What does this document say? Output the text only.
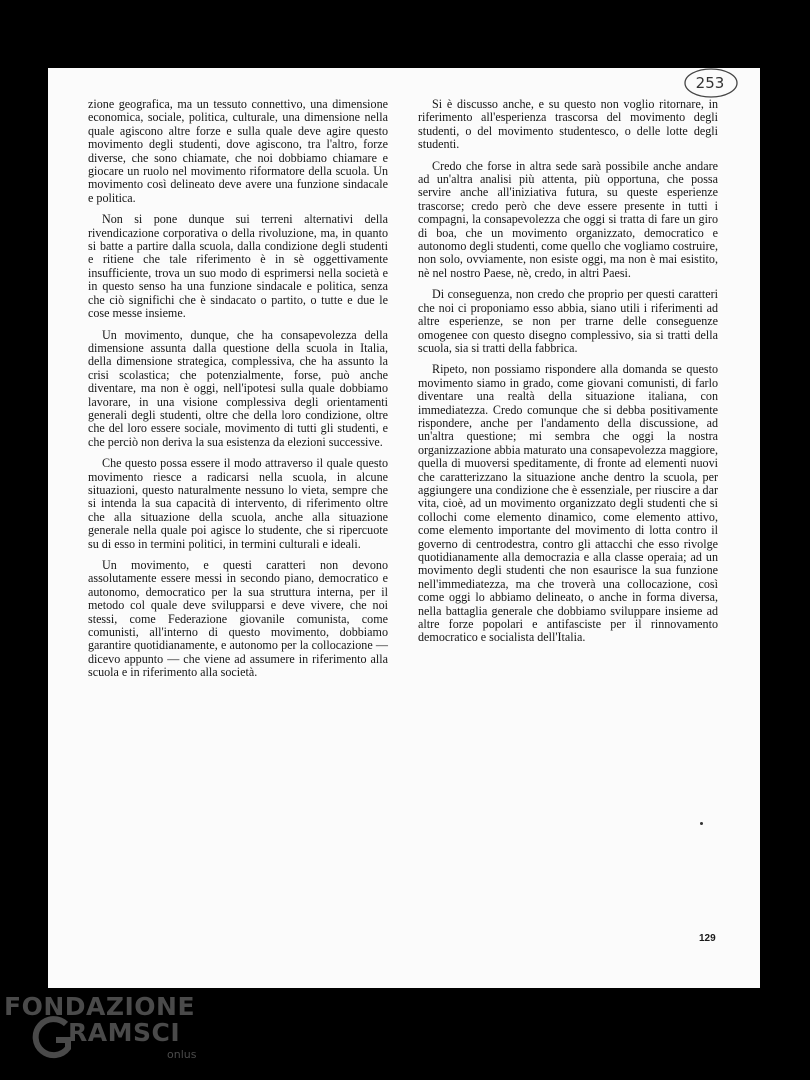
253

zione geografica, ma un tessuto connettivo, una dimensione economica, sociale, politica, culturale, una dimensione nella quale agiscono altre forze e sulla quale deve agire questo movimento degli studenti, dove agiscono, tra l'altro, forze diverse, che sono chiamate, che noi dobbiamo chiamare e giocare un ruolo nel movimento riformatore della scuola. Un movimento così delineato deve avere una funzione sindacale e politica.

Non si pone dunque sui terreni alternativi della rivendicazione corporativa o della rivoluzione, ma, in quanto si batte a partire dalla scuola, dalla condizione degli studenti e ritiene che tale riferimento è in sè oggettivamente insufficiente, trova un suo modo di esprimersi nella società e in questo senso ha una funzione sindacale e politica, senza che ciò significhi che è sindacato o partito, o tutte e due le cose messe insieme.

Un movimento, dunque, che ha consapevolezza della dimensione assunta dalla questione della scuola in Italia, della dimensione strategica, complessiva, che ha assunto la crisi scolastica; che potenzialmente, forse, può anche diventare, ma non è oggi, nell'ipotesi sulla quale dobbiamo lavorare, in una visione complessiva degli orientamenti generali degli studenti, oltre che della loro condizione, oltre che del loro essere sociale, movimento di tutti gli studenti, e che perciò non deriva la sua esistenza da elezioni successive.

Che questo possa essere il modo attraverso il quale questo movimento riesce a radicarsi nella scuola, in alcune situazioni, questo naturalmente nessuno lo vieta, sempre che si intenda la sua capacità di intervento, di riferimento oltre che alla situazione della scuola, anche alla situazione generale nella quale poi agisce lo studente, che si ripercuote su di esso in termini politici, in termini culturali e ideali.

Un movimento, e questi caratteri non devono assolutamente essere messi in secondo piano, democratico e autonomo, democratico per la sua struttura interna, per il metodo col quale deve svilupparsi e deve vivere, che noi stessi, come Federazione giovanile comunista, come comunisti, all'interno di questo movimento, dobbiamo garantire quotidianamente, e autonomo per la collocazione — dicevo appunto — che viene ad assumere in riferimento alla scuola e in riferimento alla società.

Si è discusso anche, e su questo non voglio ritornare, in riferimento all'esperienza trascorsa del movimento degli studenti, o del movimento studentesco, o delle lotte degli studenti.

Credo che forse in altra sede sarà possibile anche andare ad un'altra analisi più attenta, più opportuna, che possa servire anche all'iniziativa futura, su queste esperienze trascorse; credo però che deve essere presente in tutti i compagni, la consapevolezza che oggi si tratta di fare un giro di boa, che un movimento organizzato, democratico e autonomo degli studenti, come quello che vogliamo costruire, non solo, ovviamente, non esiste oggi, ma non è mai esistito, nè nel nostro Paese, nè, credo, in altri Paesi.

Di conseguenza, non credo che proprio per questi caratteri che noi ci proponiamo esso abbia, siano utili i riferimenti ad altre esperienze, se non per trarne delle conseguenze omogenee con questo disegno complessivo, sia si tratti della scuola, sia si tratti della fabbrica.

Ripeto, non possiamo rispondere alla domanda se questo movimento siamo in grado, come giovani comunisti, di farlo diventare una realtà della situazione italiana, con immediatezza. Credo comunque che si debba positivamente rispondere, anche per l'andamento della discussione, ad un'altra questione; mi sembra che oggi la nostra organizzazione abbia maturato una consapevolezza maggiore, quella di muoversi speditamente, di fronte ad elementi nuovi che caratterizzano la situazione anche dentro la scuola, per aggiungere una condizione che è essenziale, per riuscire a dar vita, cioè, ad un movimento organizzato degli studenti che si collochi come elemento dinamico, come elemento attivo, come elemento importante del movimento di lotta contro il governo di centrodestra, contro gli attacchi che esso rivolge quotidianamente alla democrazia e alla classe operaia; ad un movimento degli studenti che non esaurisce la sua funzione nell'immediatezza, ma che troverà una collocazione, così come oggi lo abbiamo delineato, o anche in forma diversa, nella battaglia generale che dobbiamo sviluppare insieme ad altre forze popolari e antifasciste per il rinnovamento democratico e socialista dell'Italia.

129
FONDAZIONE
RAMSCI
onlus
